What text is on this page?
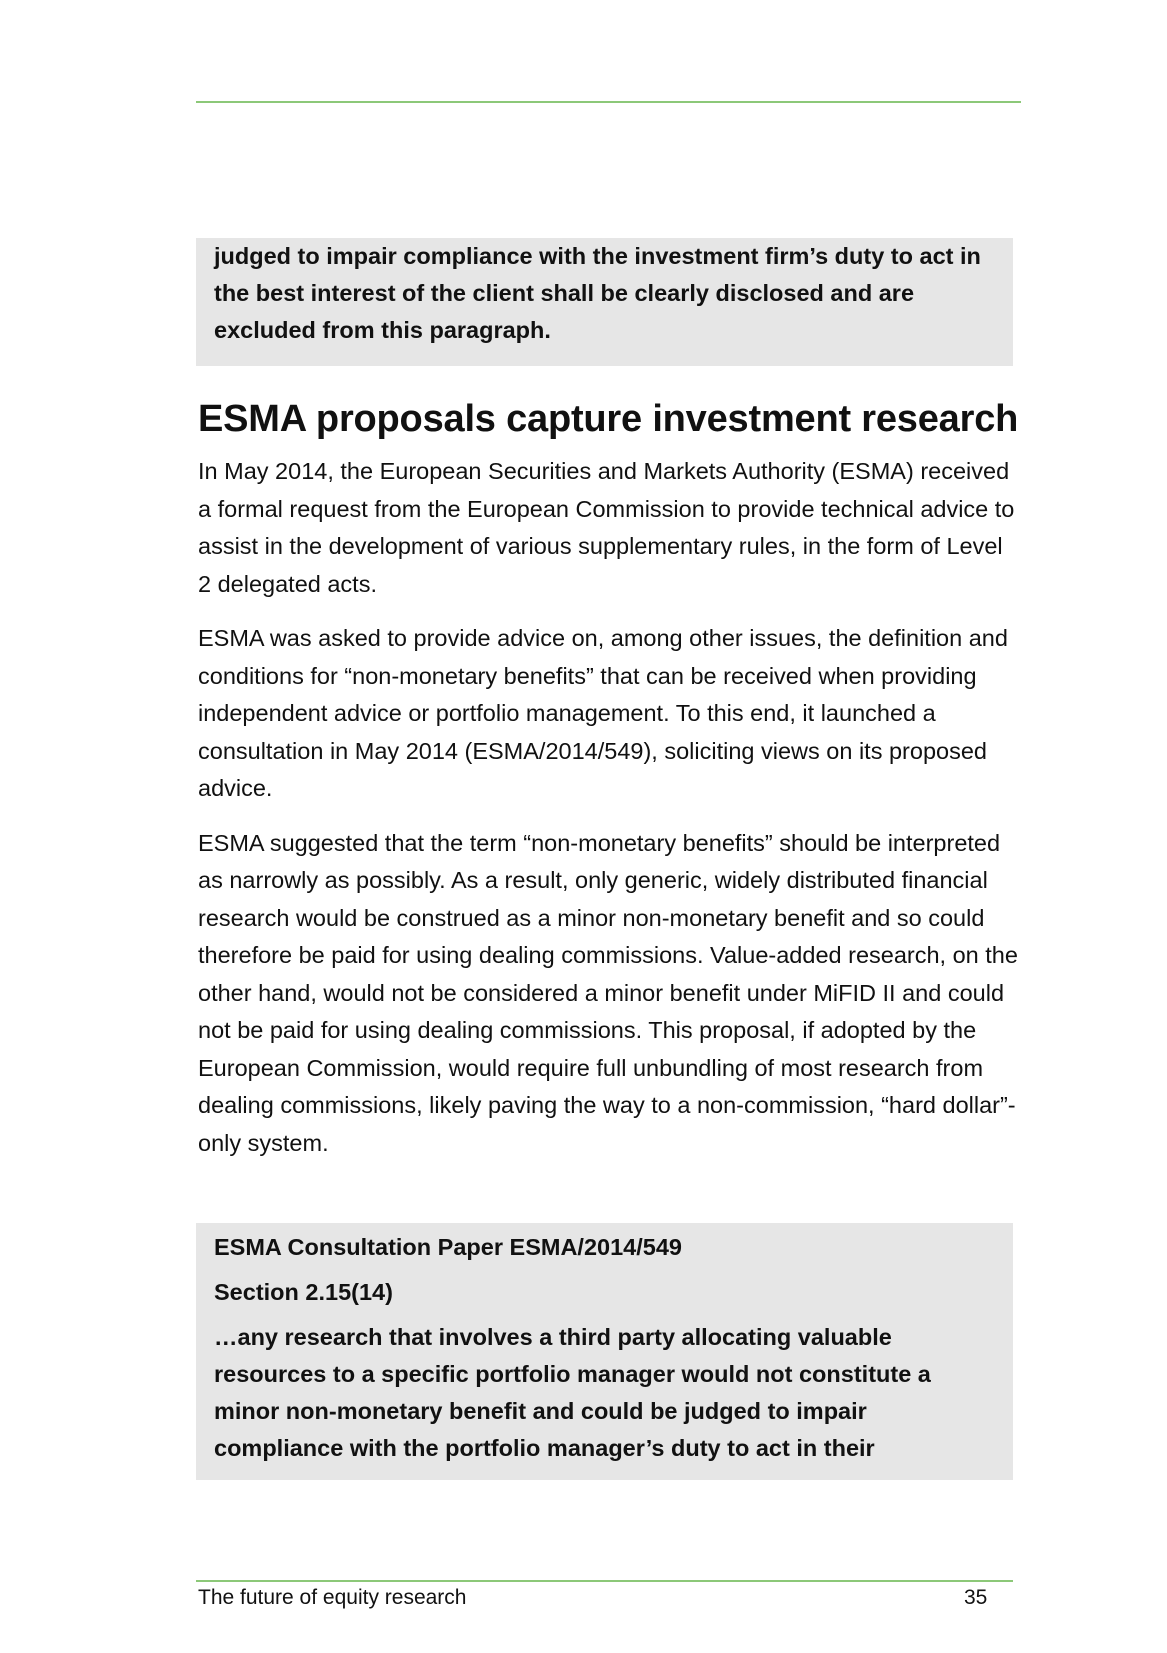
judged to impair compliance with the investment firm’s duty to act in the best interest of the client shall be clearly disclosed and are excluded from this paragraph.

ESMA proposals capture investment research

In May 2014, the European Securities and Markets Authority (ESMA) received a formal request from the European Commission to provide technical advice to assist in the development of various supplementary rules, in the form of Level 2 delegated acts.

ESMA was asked to provide advice on, among other issues, the definition and conditions for “non-monetary benefits” that can be received when providing independent advice or portfolio management. To this end, it launched a consultation in May 2014 (ESMA/2014/549), soliciting views on its proposed advice.

ESMA suggested that the term “non-monetary benefits” should be interpreted as narrowly as possibly. As a result, only generic, widely distributed financial research would be construed as a minor non-monetary benefit and so could therefore be paid for using dealing commissions. Value-added research, on the other hand, would not be considered a minor benefit under MiFID II and could not be paid for using dealing commissions. This proposal, if adopted by the European Commission, would require full unbundling of most research from dealing commissions, likely paving the way to a non-commission, “hard dollar”-only system.

ESMA Consultation Paper ESMA/2014/549

Section 2.15(14)

…any research that involves a third party allocating valuable resources to a specific portfolio manager would not constitute a minor non-monetary benefit and could be judged to impair compliance with the portfolio manager’s duty to act in their

The future of equity research	35
